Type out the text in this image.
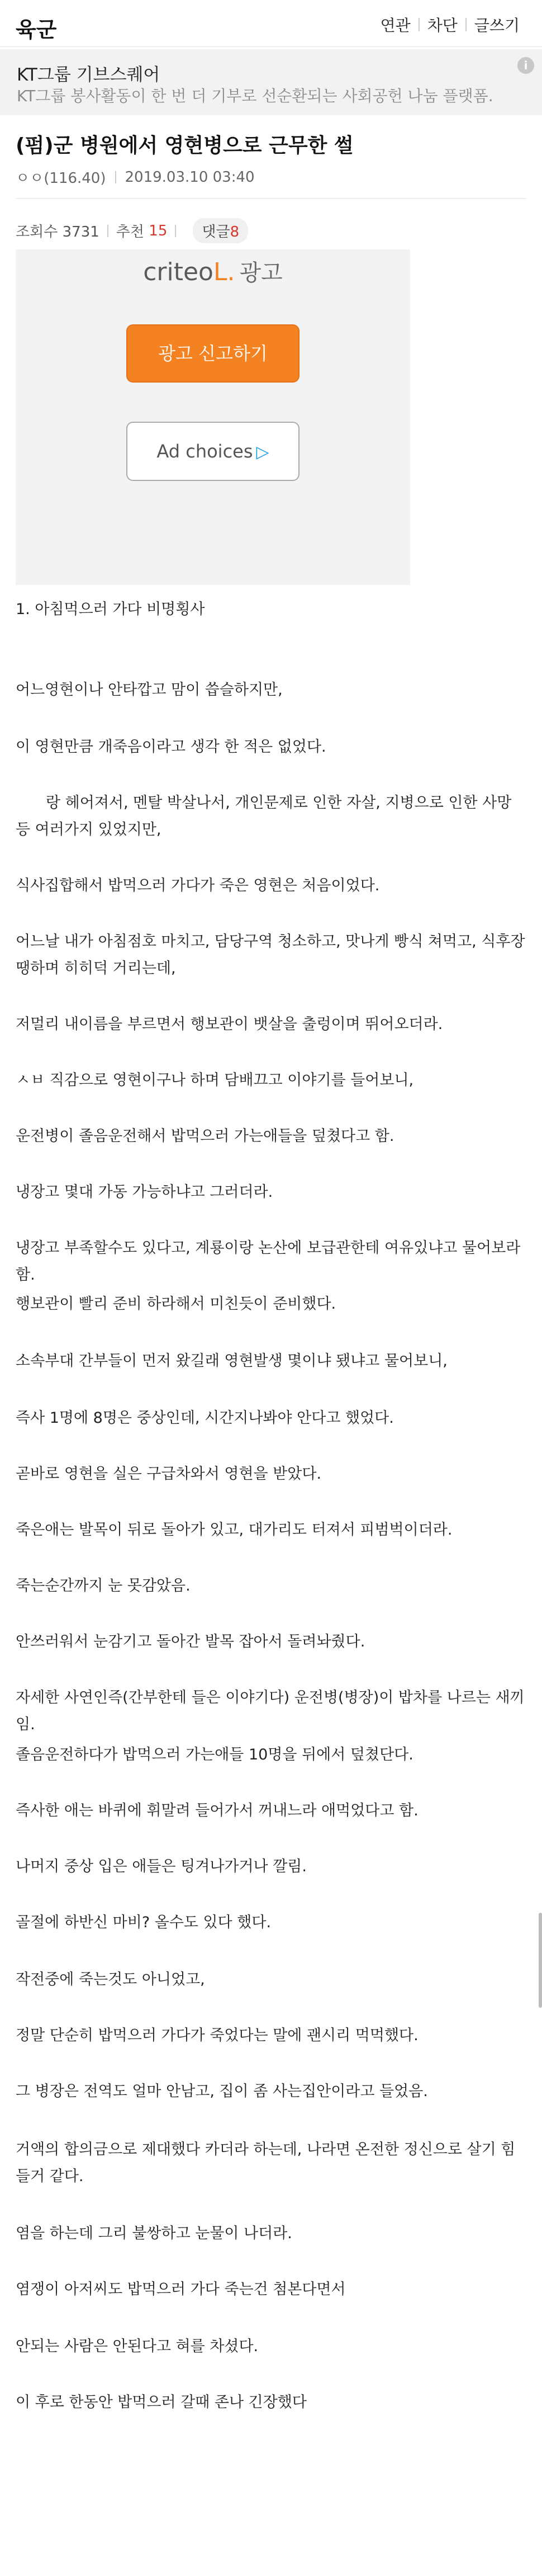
육군	연관	차단	글쓰기
KT그룹 기브스퀘어
KT그룹 봉사활동이 한 번 더 기부로 선순환되는 사회공헌 나눔 플랫폼.
i
(펌)군 병원에서 영현병으로 근무한 썰
ㅇㅇ(116.40) 2019.03.10 03:40
조회수 3731 추천
15	댓글8
criteoL. 광고
광고 신고하기
Ad choices ▷
1. 아침먹으러 가다 비명횡사
어느영현이나 안타깝고 맘이 씁슬하지만,
이 영현만큼 개죽음이라고 생각 한 적은 없었다.
　　랑 헤어져서, 멘탈 박살나서, 개인문제로 인한 자살, 지병으로 인한 사망 등 여러가지 있었지만,
식사집합해서 밥먹으러 가다가 죽은 영현은 처음이었다.
어느날 내가 아침점호 마치고, 담당구역 청소하고, 맛나게 빵식 쳐먹고, 식후장땡하며 히히덕 거리는데,
저멀리 내이름을 부르면서 행보관이 뱃살을 출렁이며 뛰어오더라.
ㅅㅂ 직감으로 영현이구나 하며 담배끄고 이야기를 들어보니,
운전병이 졸음운전해서 밥먹으러 가는애들을 덮쳤다고 함.
냉장고 몇대 가동 가능하냐고 그러더라.
냉장고 부족할수도 있다고, 계룡이랑 논산에 보급관한테 여유있냐고 물어보라 함.
행보관이 빨리 준비 하라해서 미친듯이 준비했다.
소속부대 간부들이 먼저 왔길래 영현발생 몇이냐 됐냐고 물어보니,
즉사 1명에 8명은 중상인데, 시간지나봐야 안다고 했었다.
곧바로 영현을 실은 구급차와서 영현을 받았다.
죽은애는 발목이 뒤로 돌아가 있고, 대가리도 터져서 피범벅이더라.
죽는순간까지 눈 못감았음.
안쓰러워서 눈감기고 돌아간 발목 잡아서 돌려놔줬다.
자세한 사연인즉(간부한테 들은 이야기다) 운전병(병장)이 밥차를 나르는 새끼임.
졸음운전하다가 밥먹으러 가는애들 10명을 뒤에서 덮쳤단다.
즉사한 애는 바퀴에 휘말려 들어가서 꺼내느라 애먹었다고 함.
나머지 중상 입은 애들은 팅겨나가거나 깔림.
골절에 하반신 마비? 올수도 있다 했다.
작전중에 죽는것도 아니었고,
정말 단순히 밥먹으러 가다가 죽었다는 말에 괜시리 먹먹했다.
그 병장은 전역도 얼마 안남고, 집이 좀 사는집안이라고 들었음.
거액의 합의금으로 제대했다 카더라 하는데, 나라면 온전한 정신으로 살기 힘들거 같다.
염을 하는데 그리 불쌍하고 눈물이 나더라.
염쟁이 아저씨도 밥먹으러 가다 죽는건 첨본다면서
안되는 사람은 안된다고 혀를 차셨다.
이 후로 한동안 밥먹으러 갈때 존나 긴장했다
